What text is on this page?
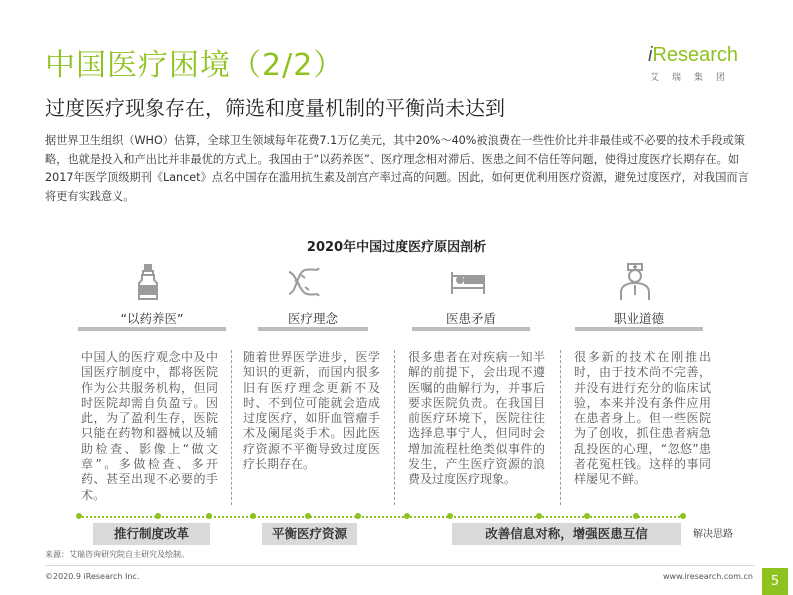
中国医疗困境（2/2）
过度医疗现象存在，筛选和度量机制的平衡尚未达到
iResearch
艾瑞集团
据世界卫生组织（WHO）估算，全球卫生领域每年花费7.1万亿美元，其中20%～40%被浪费在一些性价比并非最佳或不必要的技术手段或策略，也就是投入和产出比并非最优的方式上。我国由于“以药养医”、医疗理念相对滞后、医患之间不信任等问题，使得过度医疗长期存在。如2017年医学顶级期刊《Lancet》点名中国存在滥用抗生素及剖宫产率过高的问题。因此，如何更优利用医疗资源，避免过度医疗，对我国而言将更有实践意义。
2020年中国过度医疗原因剖析
“以药养医”	医疗理念	医患矛盾	职业道德
中国人的医疗观念中及中国医疗制度中，都将医院作为公共服务机构，但同时医院却需自负盈亏。因此，为了盈利生存，医院只能在药物和器械以及辅助检查、影像上“做文章”。多做检查、多开药、甚至出现不必要的手术。
随着世界医学进步，医学知识的更新，而国内很多旧有医疗理念更新不及时、不到位可能就会造成过度医疗，如肝血管瘤手术及阑尾炎手术。因此医疗资源不平衡导致过度医疗长期存在。
很多患者在对疾病一知半解的前提下，会出现不遵医嘱的曲解行为，并事后要求医院负责。在我国目前医疗环境下，医院往往选择息事宁人，但同时会增加流程杜绝类似事件的发生，产生医疗资源的浪费及过度医疗现象。
很多新的技术在刚推出时，由于技术尚不完善，并没有进行充分的临床试验，本来并没有条件应用在患者身上。但一些医院为了创收，抓住患者病急乱投医的心理，“忽悠”患者花冤枉钱。这样的事同样屡见不鲜。
推行制度改革	平衡医疗资源	改善信息对称，增强医患互信	解决思路
来源：艾瑞咨询研究院自主研究及绘制。
©2020.9 iResearch Inc.	www.iresearch.com.cn	5
